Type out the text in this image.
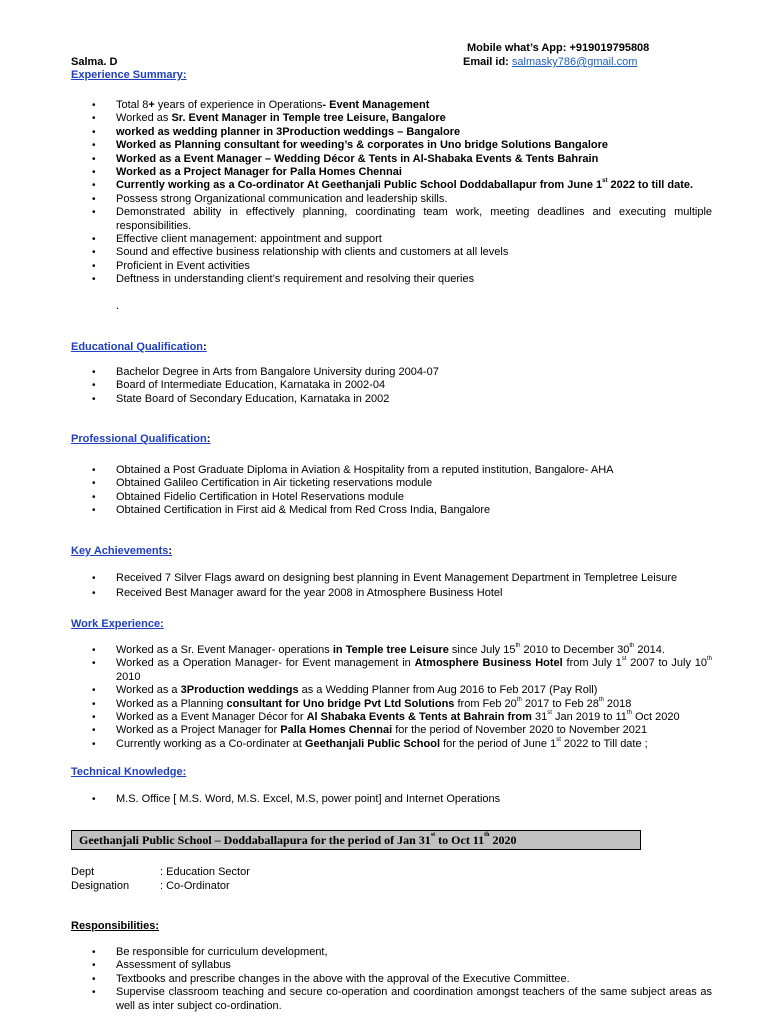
Mobile what’s App: +919019795808
Salma. D	Email id: salmasky786@gmail.com
Experience Summary:
• Total 8+ years of experience in Operations- Event Management
• Worked as Sr. Event Manager in Temple tree Leisure, Bangalore
• worked as wedding planner in 3Production weddings – Bangalore
• Worked as Planning consultant for weeding’s & corporates in Uno bridge Solutions Bangalore
• Worked as a Event Manager – Wedding Décor & Tents in Al-Shabaka Events & Tents Bahrain
• Worked as a Project Manager for Palla Homes Chennai
• Currently working as a Co-ordinator At Geethanjali Public School Doddaballapur from June 1st 2022 to till date.
• Possess strong Organizational communication and leadership skills.
• Demonstrated ability in effectively planning, coordinating team work, meeting deadlines and executing multiple responsibilities.
• Effective client management: appointment and support
• Sound and effective business relationship with clients and customers at all levels
• Proficient in Event activities
• Deftness in understanding client’s requirement and resolving their queries
.
Educational Qualification:
• Bachelor Degree in Arts from Bangalore University during 2004-07
• Board of Intermediate Education, Karnataka in 2002-04
• State Board of Secondary Education, Karnataka in 2002
Professional Qualification:
• Obtained a Post Graduate Diploma in Aviation & Hospitality from a reputed institution, Bangalore- AHA
• Obtained Galileo Certification in Air ticketing reservations module
• Obtained Fidelio Certification in Hotel Reservations module
• Obtained Certification in First aid & Medical from Red Cross India, Bangalore
Key Achievements:
• Received 7 Silver Flags award on designing best planning in Event Management Department in Templetree Leisure
• Received Best Manager award for the year 2008 in Atmosphere Business Hotel
Work Experience:
• Worked as a Sr. Event Manager- operations in Temple tree Leisure since July 15th 2010 to December 30th 2014.
• Worked as a Operation Manager- for Event management in Atmosphere Business Hotel from July 1st 2007 to July 10th 2010
• Worked as a 3Production weddings as a Wedding Planner from Aug 2016 to Feb 2017 (Pay Roll)
• Worked as a Planning consultant for Uno bridge Pvt Ltd Solutions from Feb 20th 2017 to Feb 28th 2018
• Worked as a Event Manager Décor for Al Shabaka Events & Tents at Bahrain from 31st Jan 2019 to 11th Oct 2020
• Worked as a Project Manager for Palla Homes Chennai for the period of November 2020 to November 2021
• Currently working as a Co-ordinater at Geethanjali Public School for the period of June 1st 2022 to Till date ;
Technical Knowledge:
• M.S. Office [ M.S. Word, M.S. Excel, M.S, power point] and Internet Operations
Geethanjali Public School – Doddaballapura for the period of Jan 31st to Oct 11th 2020
Dept	: Education Sector
Designation	: Co-Ordinator
Responsibilities:
• Be responsible for curriculum development,
• Assessment of syllabus
• Textbooks and prescribe changes in the above with the approval of the Executive Committee.
• Supervise classroom teaching and secure co-operation and coordination amongst teachers of the same subject areas as well as inter subject co-ordination.
